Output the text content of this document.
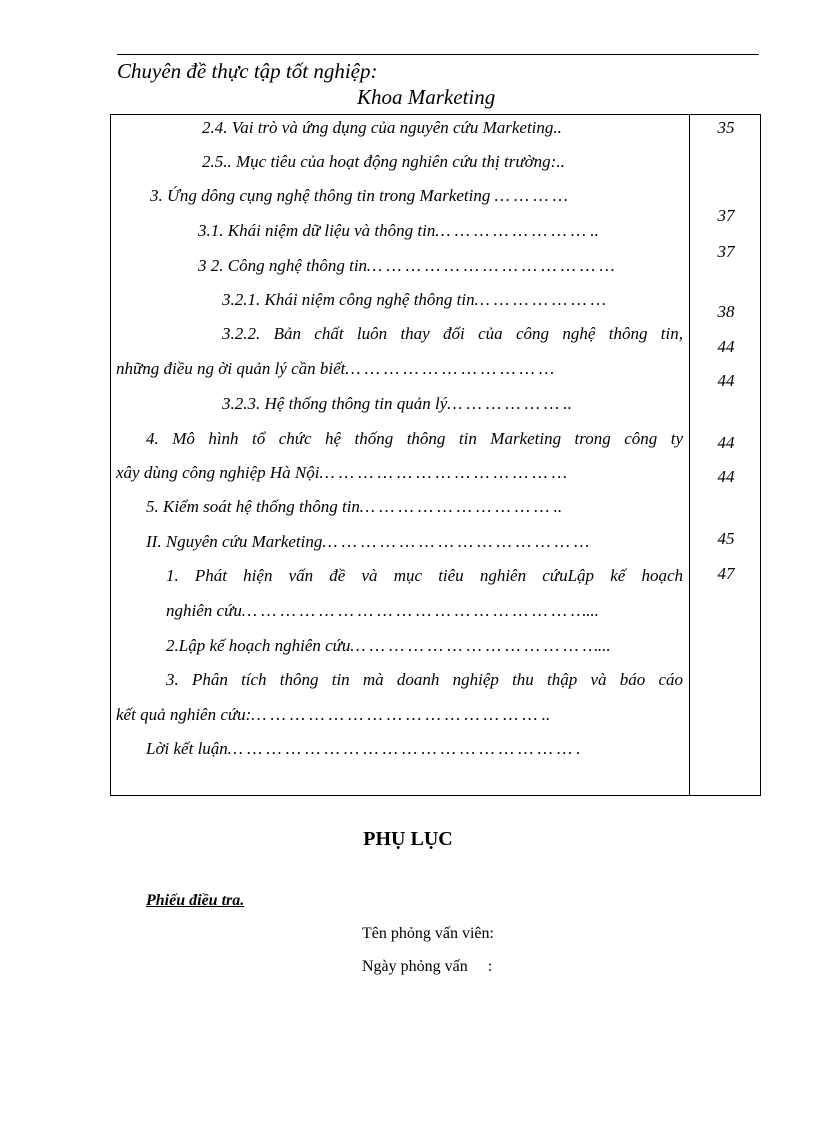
Chuyên đề thực tập tốt nghiệp:
Khoa Marketing
2.4. Vai trò và ứng dụng của nguyên cứu Marketing..
2.5.. Mục tiêu của hoạt động nghiên cứu thị trường:..
3. Ứng dông cụng nghệ thông tin trong Marketing … … … …
3.1. Khái niệm dữ liệu và thông tin… … … … … … … … ..
3 2. Công nghệ thông tin… … … … … … … … … … … … …
3.2.1. Khái niệm công nghệ thông tin… … … … … … …
3.2.2. Bản chất luôn thay đổi của công nghệ thông tin,
những điều ng ời quản lý cần biết… … … … … … … … … … …
3.2.3. Hệ thống thông tin quản lý… … … … … … ..
4. Mô hình tổ chức hệ thống thông tin Marketing trong công ty
xây dùng công nghiệp Hà Nội… … … … … … … … … … … … …
5. Kiểm soát hệ thống thông tin… … … … … … … … … … ..
II. Nguyên cứu Marketing… … … … … … … … … … … … … …
1. Phát hiện vấn đề và mục tiêu nghiên cứuLập kế hoạch
nghiên cứu… … … … … … … … … … … … … … … … … …...
2.Lập kế hoạch nghiên cứu… … … … … … … … … … … … …...
3. Phân tích thông tin mà doanh nghiệp thu thập và báo cáo
kết quả nghiên cứu:… … … … … … … … … … … … … … … ..
Lời kết luận… … … … … … … … … … … … … … … … … … .
35
37
37
38
44
44
44
44
45
47
PHỤ LỤC
Phiếu điều tra.
Tên phỏng vấn viên:
Ngày phỏng vấn     :
